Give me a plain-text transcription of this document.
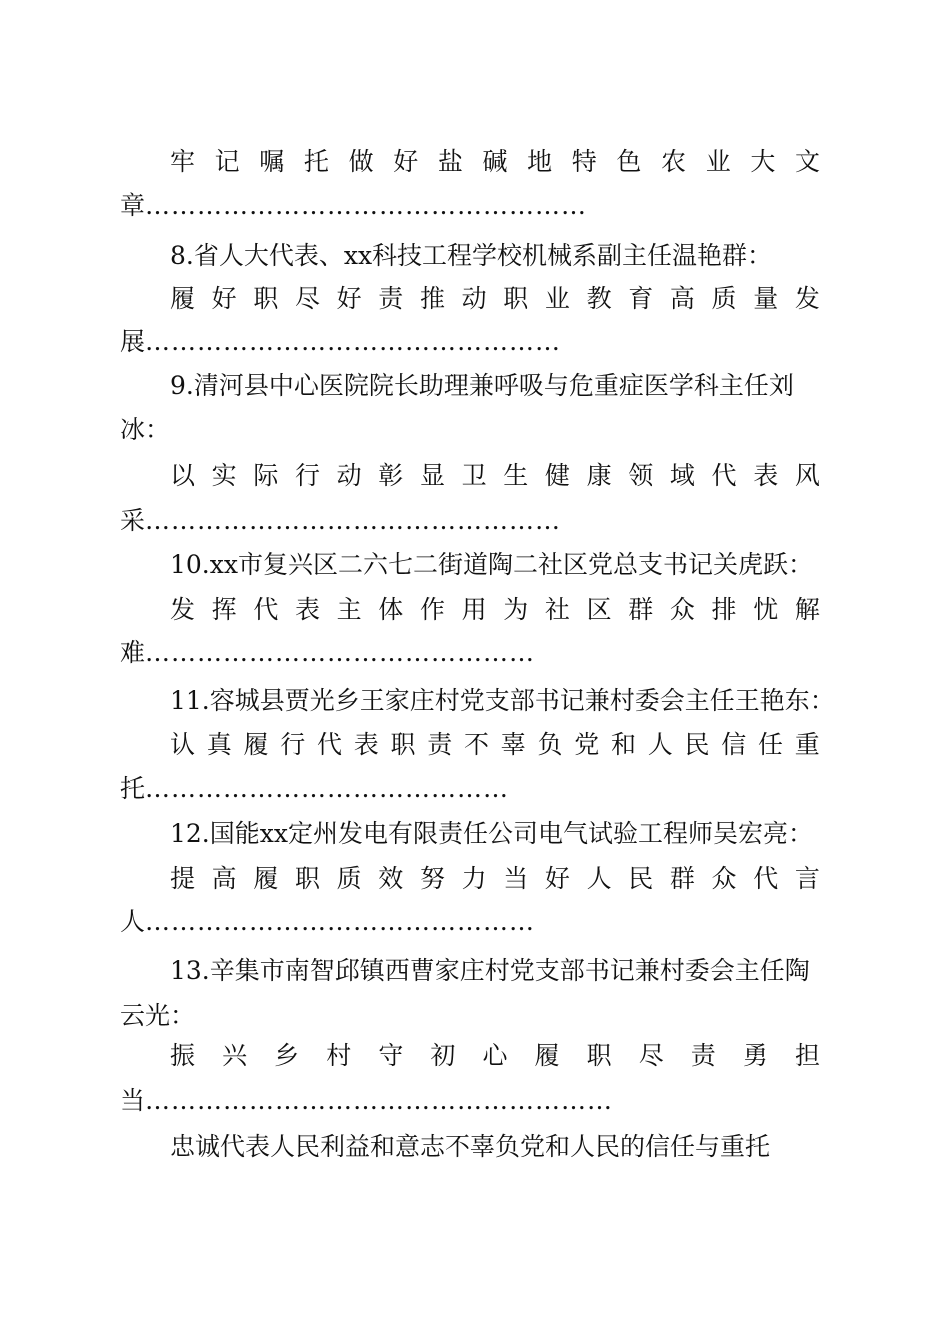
牢 记 嘱 托 做 好 盐 碱 地 特 色 农 业 大 文
章……………………………………………
8.省人大代表、xx科技工程学校机械系副主任温艳群：
履 好 职 尽 好 责 推 动 职 业 教 育 高 质 量 发
展…………………………………………
9.清河县中心医院院长助理兼呼吸与危重症医学科主任刘
冰：
以 实 际 行 动 彰 显 卫 生 健 康 领 域 代 表 风
采…………………………………………
10.xx市复兴区二六七二街道陶二社区党总支书记关虎跃：
发 挥 代 表 主 体 作 用 为 社 区 群 众 排 忧 解
难………………………………………
11.容城县贾光乡王家庄村党支部书记兼村委会主任王艳东：
认 真 履 行 代 表 职 责 不 辜 负 党 和 人 民 信 任 重
托……………………………………
12.国能xx定州发电有限责任公司电气试验工程师吴宏亮：
提 高 履 职 质 效 努 力 当 好 人 民 群 众 代 言
人………………………………………
13.辛集市南智邱镇西曹家庄村党支部书记兼村委会主任陶
云光：
振 兴 乡 村 守 初 心 履 职 尽 责 勇 担
当………………………………………………
忠诚代表人民利益和意志不辜负党和人民的信任与重托
